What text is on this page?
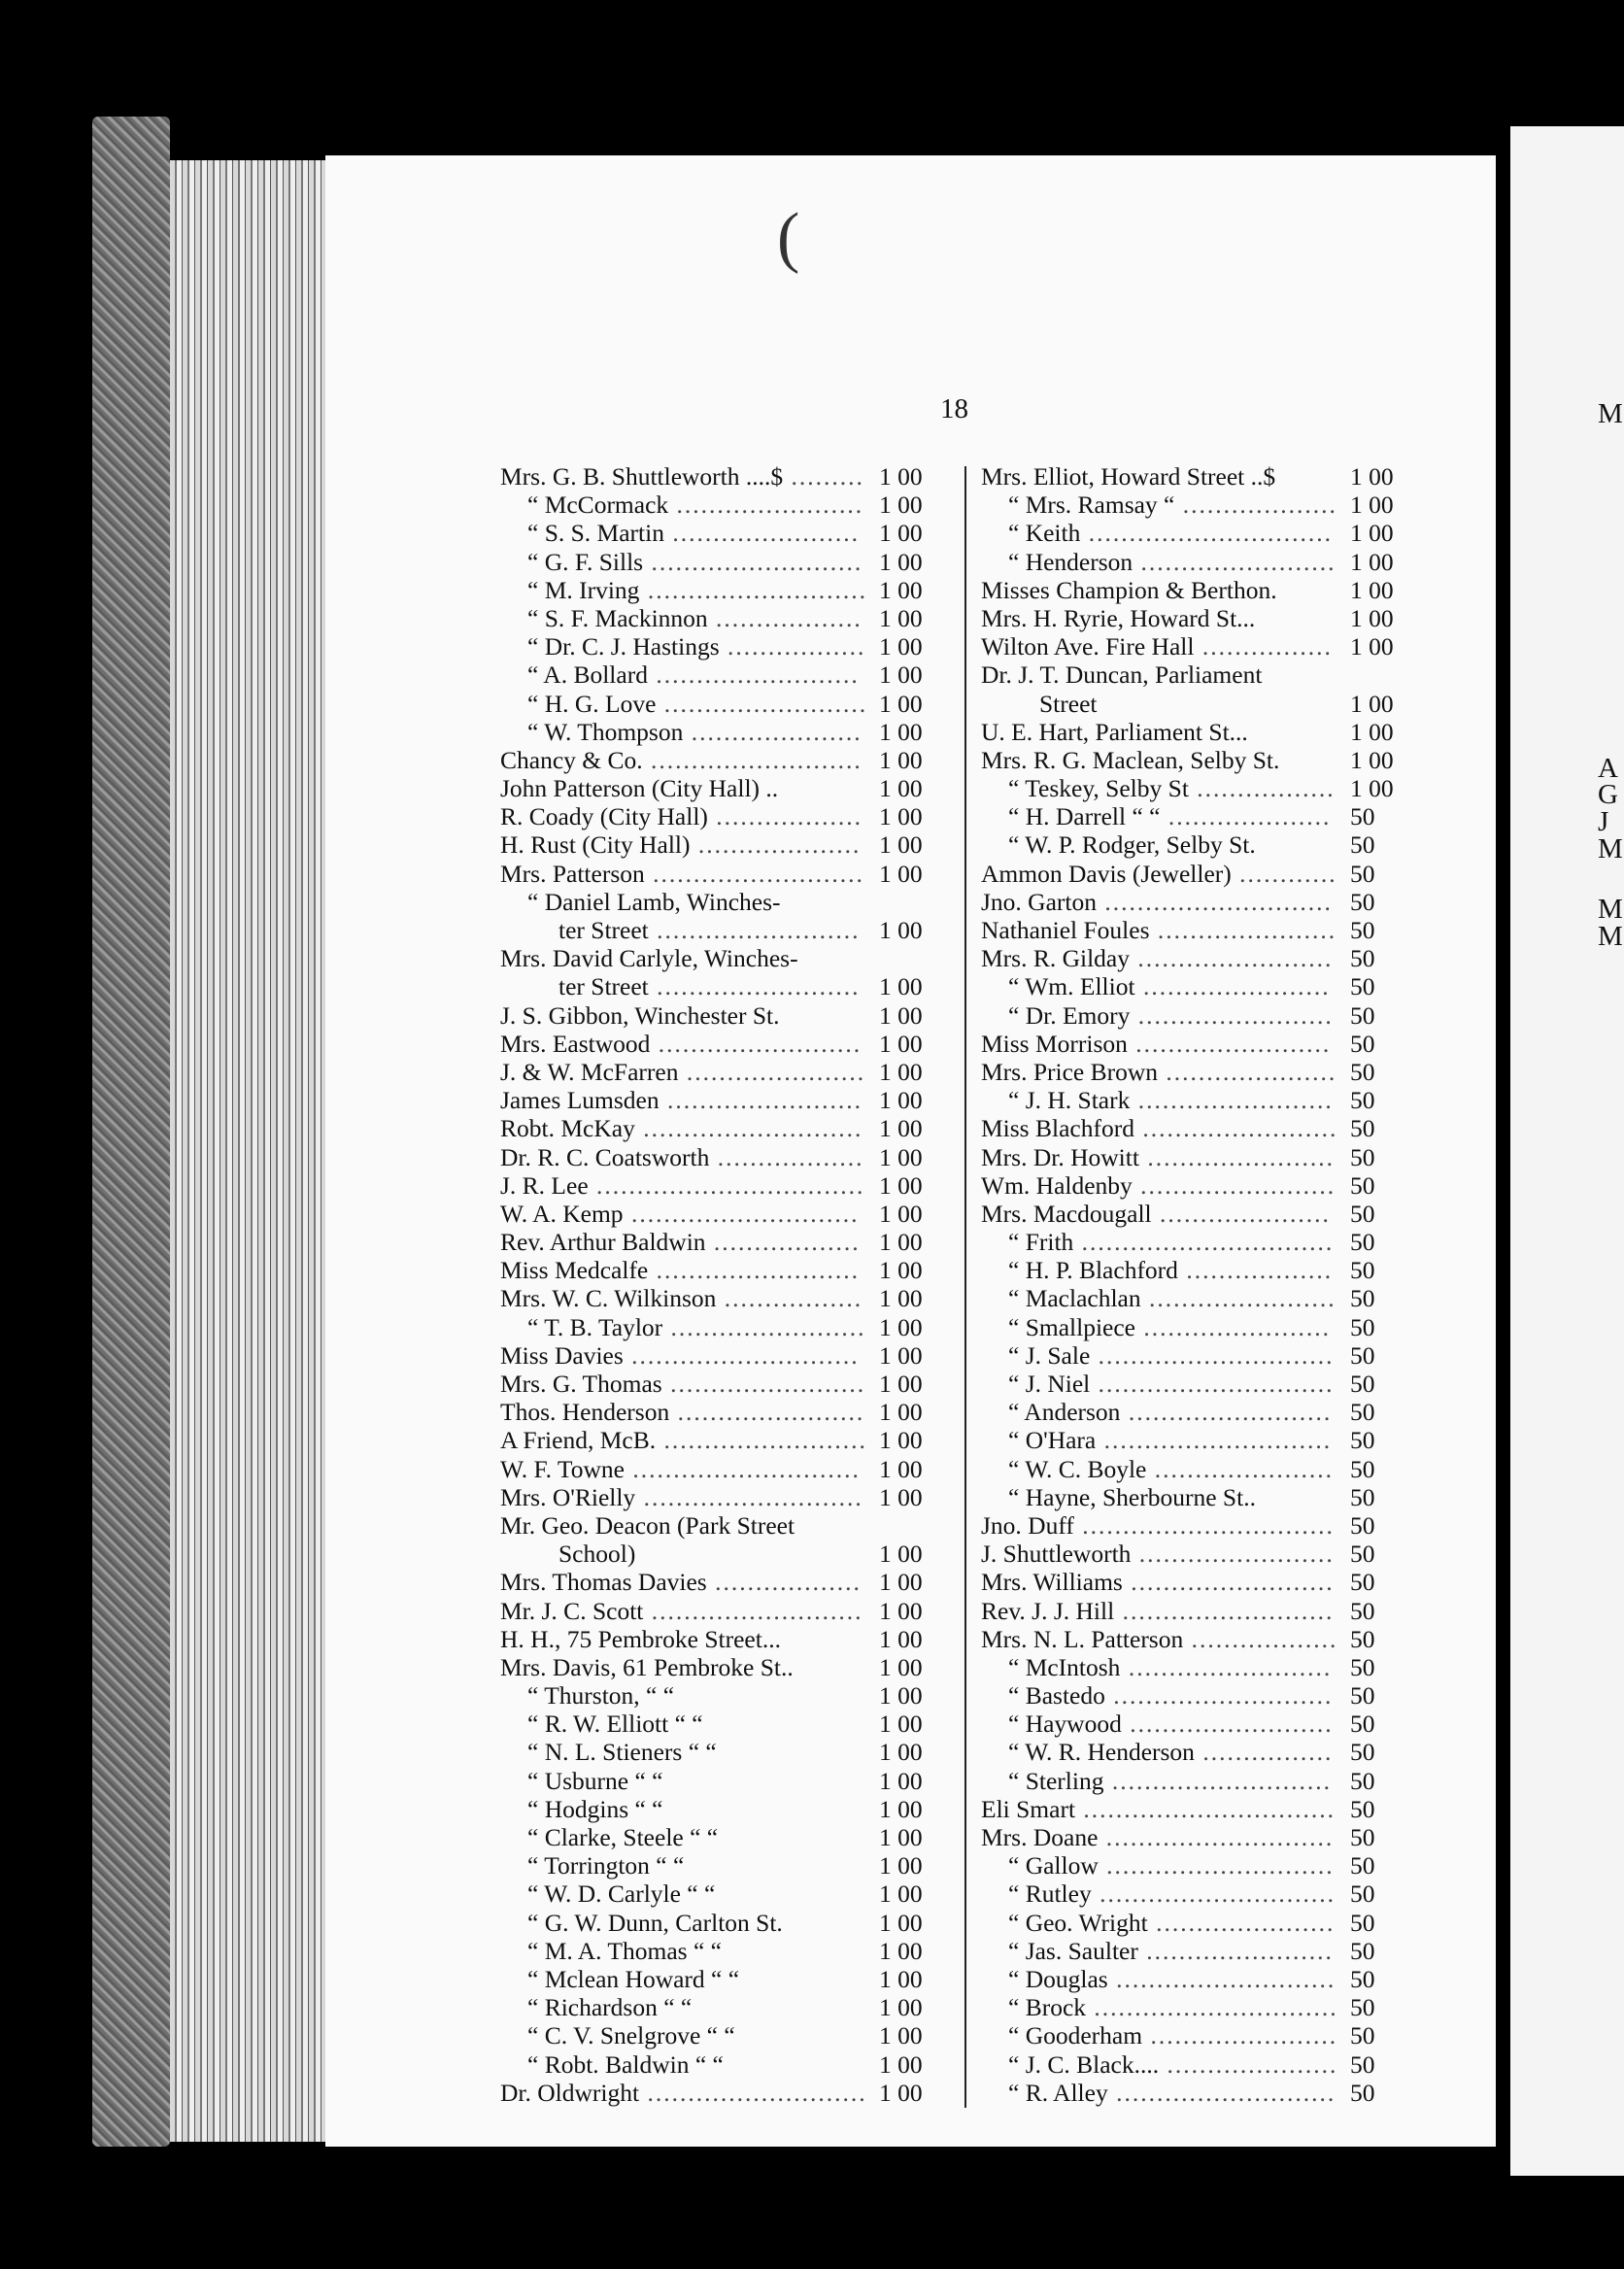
(
18
Mrs. G. B. Shuttleworth ....$ ......... 1 00
“ McCormack ....................... 1 00
“ S. S. Martin ....................... 1 00
“ G. F. Sills .......................... 1 00
“ M. Irving ........................... 1 00
“ S. F. Mackinnon .................. 1 00
“ Dr. C. J. Hastings ................. 1 00
“ A. Bollard ......................... 1 00
“ H. G. Love ......................... 1 00
“ W. Thompson ..................... 1 00
Chancy & Co. .......................... 1 00
John Patterson (City Hall) ..	1 00
R. Coady (City Hall) .................. 1 00
H. Rust (City Hall) .................... 1 00
Mrs. Patterson .......................... 1 00
“ Daniel Lamb, Winches-
ter Street ......................... 1 00
Mrs. David Carlyle, Winches-
ter Street ......................... 1 00
J. S. Gibbon, Winchester St.	1 00
Mrs. Eastwood ......................... 1 00
J. & W. McFarren ...................... 1 00
James Lumsden ........................ 1 00
Robt. McKay ........................... 1 00
Dr. R. C. Coatsworth .................. 1 00
J. R. Lee ................................. 1 00
W. A. Kemp ............................ 1 00
Rev. Arthur Baldwin .................. 1 00
Miss Medcalfe ......................... 1 00
Mrs. W. C. Wilkinson ................. 1 00
“ T. B. Taylor ........................ 1 00
Miss Davies ............................ 1 00
Mrs. G. Thomas ........................ 1 00
Thos. Henderson ....................... 1 00
A Friend, McB. ......................... 1 00
W. F. Towne ............................ 1 00
Mrs. O'Rielly ........................... 1 00
Mr. Geo. Deacon (Park Street
School)	1 00
Mrs. Thomas Davies .................. 1 00
Mr. J. C. Scott .......................... 1 00
H. H., 75 Pembroke Street...	1 00
Mrs. Davis, 61 Pembroke St..	1 00
“ Thurston, “ “	1 00
“ R. W. Elliott “ “	1 00
“ N. L. Stieners “ “	1 00
“ Usburne “ “	1 00
“ Hodgins “ “	1 00
“ Clarke, Steele “ “	1 00
“ Torrington “ “	1 00
“ W. D. Carlyle “ “	1 00
“ G. W. Dunn, Carlton St.	1 00
“ M. A. Thomas “ “	1 00
“ Mclean Howard “ “	1 00
“ Richardson “ “	1 00
“ C. V. Snelgrove “ “	1 00
“ Robt. Baldwin “ “	1 00
Dr. Oldwright ........................... 1 00
Mrs. Elliot, Howard Street ..$	1 00
“ Mrs. Ramsay “ ................... 1 00
“ Keith .............................. 1 00
“ Henderson ........................ 1 00
Misses Champion & Berthon.	1 00
Mrs. H. Ryrie, Howard St...	1 00
Wilton Ave. Fire Hall ................ 1 00
Dr. J. T. Duncan, Parliament
Street	1 00
U. E. Hart, Parliament St...	1 00
Mrs. R. G. Maclean, Selby St.	1 00
“ Teskey, Selby St ................. 1 00
“ H. Darrell “ “ .................... 50
“ W. P. Rodger, Selby St.	50
Ammon Davis (Jeweller) ............ 50
Jno. Garton ............................ 50
Nathaniel Foules ...................... 50
Mrs. R. Gilday ........................ 50
“ Wm. Elliot ....................... 50
“ Dr. Emory ........................ 50
Miss Morrison ........................ 50
Mrs. Price Brown ..................... 50
“ J. H. Stark ........................ 50
Miss Blachford ........................ 50
Mrs. Dr. Howitt ....................... 50
Wm. Haldenby ........................ 50
Mrs. Macdougall ..................... 50
“ Frith ............................... 50
“ H. P. Blachford .................. 50
“ Maclachlan ....................... 50
“ Smallpiece ....................... 50
“ J. Sale ............................. 50
“ J. Niel ............................. 50
“ Anderson ......................... 50
“ O'Hara ............................ 50
“ W. C. Boyle ...................... 50
“ Hayne, Sherbourne St..	50
Jno. Duff ............................... 50
J. Shuttleworth ........................ 50
Mrs. Williams ......................... 50
Rev. J. J. Hill .......................... 50
Mrs. N. L. Patterson .................. 50
“ McIntosh ......................... 50
“ Bastedo ........................... 50
“ Haywood ......................... 50
“ W. R. Henderson ................ 50
“ Sterling ........................... 50
Eli Smart ............................... 50
Mrs. Doane ............................ 50
“ Gallow ............................ 50
“ Rutley ............................. 50
“ Geo. Wright ...................... 50
“ Jas. Saulter ....................... 50
“ Douglas ........................... 50
“ Brock .............................. 50
“ Gooderham ....................... 50
“ J. C. Black.... ..................... 50
“ R. Alley ........................... 50
M
A
G
J
M
M
M
